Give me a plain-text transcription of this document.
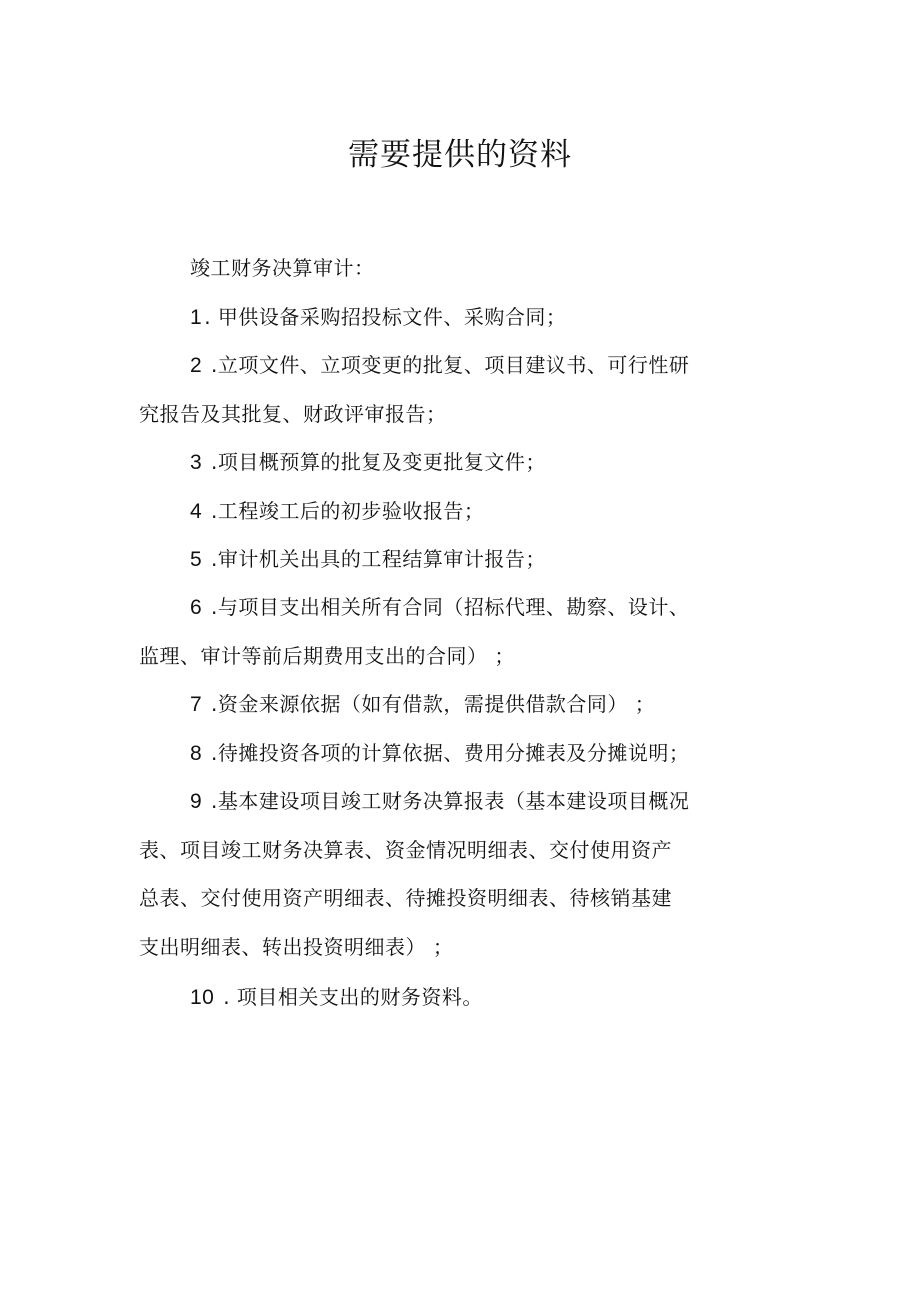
需要提供的资料
竣工财务决算审计：
1 . 甲供设备采购招投标文件、采购合同；
2 .立项文件、立项变更的批复、项目建议书、可行性研
究报告及其批复、财政评审报告；
3 .项目概预算的批复及变更批复文件；
4 .工程竣工后的初步验收报告；
5 .审计机关出具的工程结算审计报告；
6 .与项目支出相关所有合同（招标代理、勘察、设计、
监理、审计等前后期费用支出的合同） ；
7 .资金来源依据（如有借款，需提供借款合同） ；
8 .待摊投资各项的计算依据、费用分摊表及分摊说明；
9 .基本建设项目竣工财务决算报表（基本建设项目概况
表、项目竣工财务决算表、资金情况明细表、交付使用资产
总表、交付使用资产明细表、待摊投资明细表、待核销基建
支出明细表、转出投资明细表） ；
10 . 项目相关支出的财务资料。
